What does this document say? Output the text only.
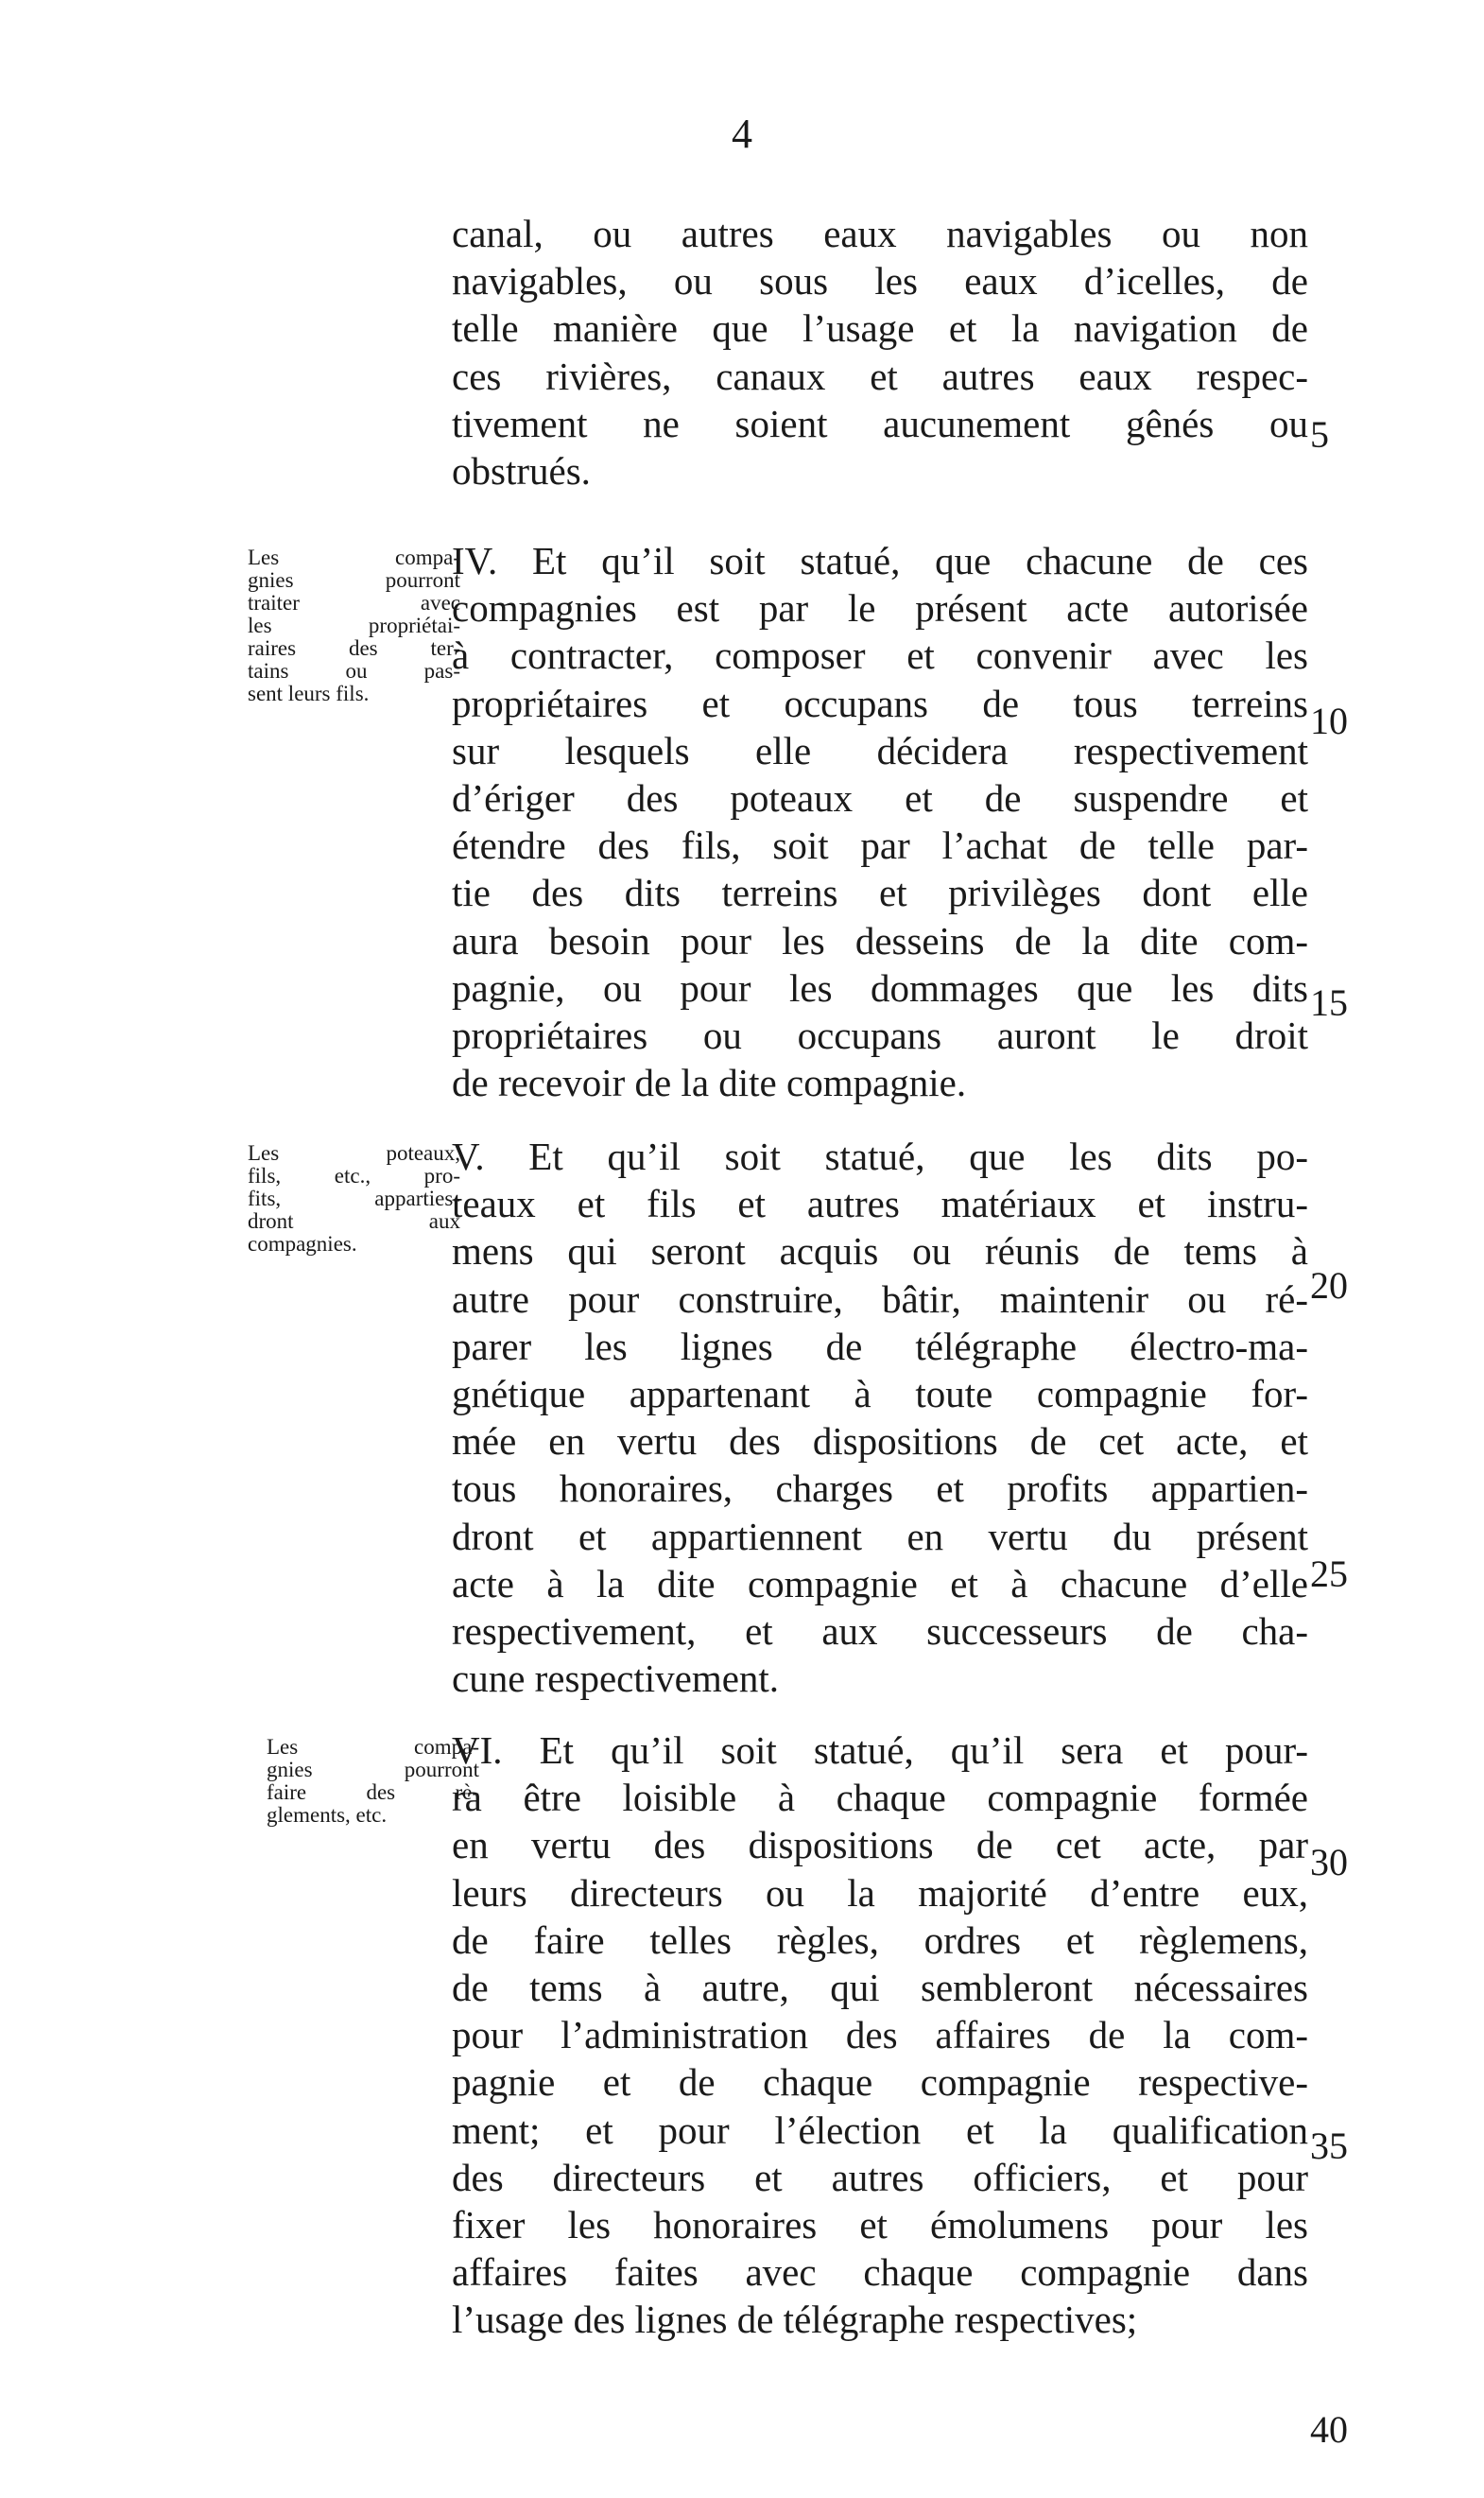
4
canal, ou autres eaux navigables ou non
navigables, ou sous les eaux d’icelles, de
telle manière que l’usage et la navigation de
ces rivières, canaux et autres eaux respec-
tivement ne soient aucunement gênés ou
obstrués.
IV. Et qu’il soit statué, que chacune de ces
compagnies est par le présent acte autorisée
à contracter, composer et convenir avec les
propriétaires et occupans de tous terreins
sur lesquels elle décidera respectivement
d’ériger des poteaux et de suspendre et
étendre des fils, soit par l’achat de telle par-
tie des dits terreins et privilèges dont elle
aura besoin pour les desseins de la dite com-
pagnie, ou pour les dommages que les dits
propriétaires ou occupans auront le droit
de recevoir de la dite compagnie.
Les compa-
gnies pourront
traiter avec
les propriétai-
raires des ter-
tains ou pas-
sent leurs fils.
V. Et qu’il soit statué, que les dits po-
teaux et fils et autres matériaux et instru-
mens qui seront acquis ou réunis de tems à
autre pour construire, bâtir, maintenir ou ré-
parer les lignes de télégraphe électro-ma-
gnétique appartenant à toute compagnie for-
mée en vertu des dispositions de cet acte, et
tous honoraires, charges et profits appartien-
dront et appartiennent en vertu du présent
acte à la dite compagnie et à chacune d’elle
respectivement, et aux successeurs de cha-
cune respectivement.
Les poteaux,
fils, etc., pro-
fits, apparties-
dront aux
compagnies.
VI. Et qu’il soit statué, qu’il sera et pour-
ra être loisible à chaque compagnie formée
en vertu des dispositions de cet acte, par
leurs directeurs ou la majorité d’entre eux,
de faire telles règles, ordres et règlemens,
de tems à autre, qui sembleront nécessaires
pour l’administration des affaires de la com-
pagnie et de chaque compagnie respective-
ment; et pour l’élection et la qualification
des directeurs et autres officiers, et pour
fixer les honoraires et émolumens pour les
affaires faites avec chaque compagnie dans
l’usage des lignes de télégraphe respectives;
Les compa-
gnies pourront
faire des rè-
glements, etc.
5
10
15
20
25
30
35
40
